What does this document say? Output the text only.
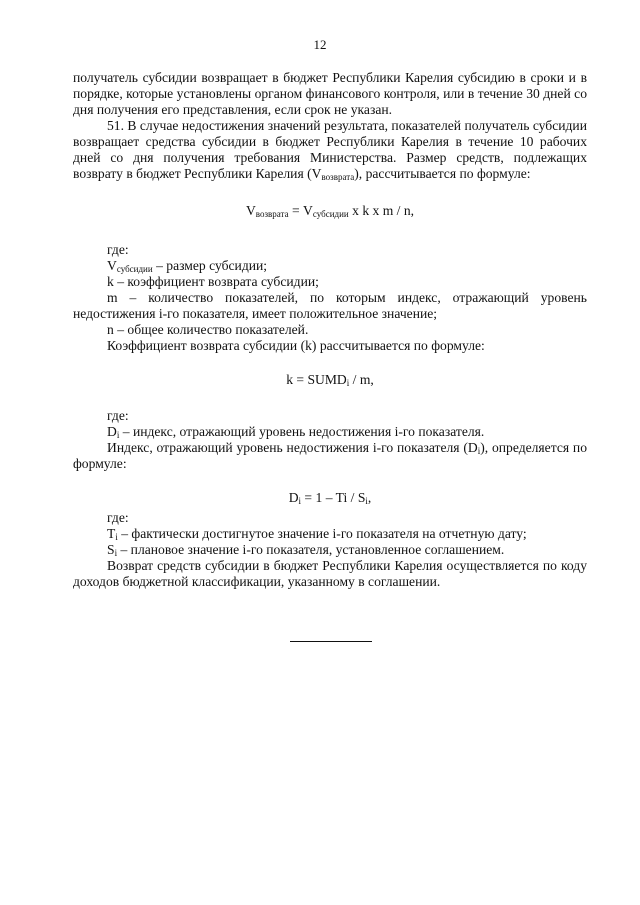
12

получатель субсидии возвращает в бюджет Республики Карелия субсидию в сроки и в порядке, которые установлены органом финансового контроля, или в течение 30 дней со дня получения его представления, если срок не указан.

51. В случае недостижения значений результата, показателей получатель субсидии возвращает средства субсидии в бюджет Республики Карелия в течение 10 рабочих дней со дня получения требования Министерства. Размер средств, подлежащих возврату в бюджет Республики Карелия $(V_{возврата})$, рассчитывается по формуле:

$V_{возврата} = V_{субсидии}$ x k x m / n,

где:

$V_{субсидии}$ – размер субсидии;

k – коэффициент возврата субсидии;

m – количество показателей, по которым индекс, отражающий уровень недостижения i-го показателя, имеет положительное значение;

n – общее количество показателей.

Коэффициент возврата субсидии (k) рассчитывается по формуле:

$k = SUMD_i / m$,

где:

$D_i$ – индекс, отражающий уровень недостижения i-го показателя.

Индекс, отражающий уровень недостижения i-го показателя $(D_i)$, определяется по формуле:

$D_i = 1 - Ti / S_i$,

где:

$T_i$ – фактически достигнутое значение i-го показателя на отчетную дату;

$S_i$ – плановое значение i-го показателя, установленное соглашением.

Возврат средств субсидии в бюджет Республики Карелия осуществляется по коду доходов бюджетной классификации, указанному в соглашении.
